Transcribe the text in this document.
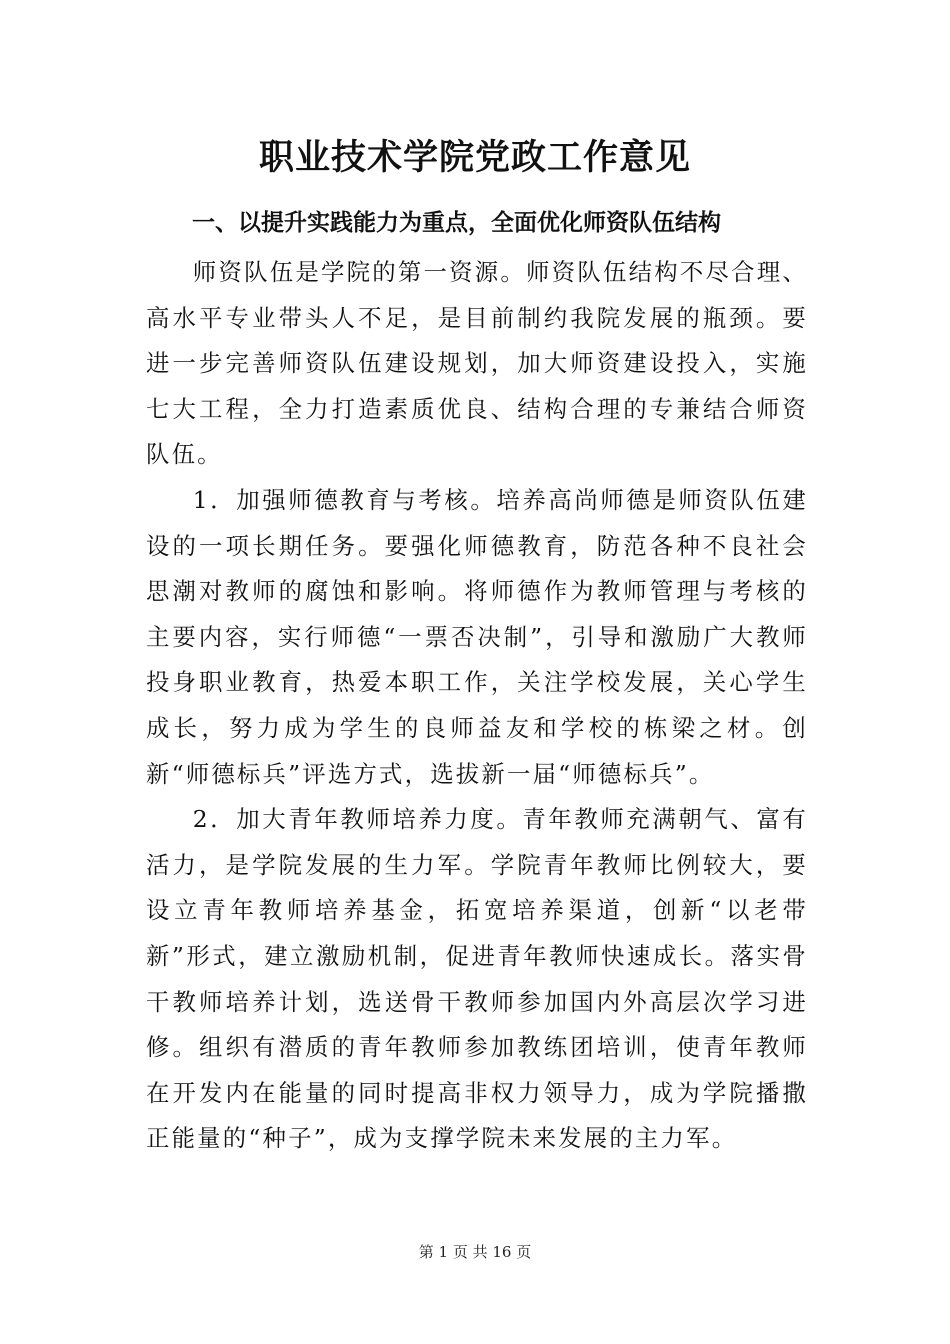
职业技术学院党政工作意见
一、以提升实践能力为重点，全面优化师资队伍结构

师资队伍是学院的第一资源。师资队伍结构不尽合理、高水平专业带头人不足，是目前制约我院发展的瓶颈。要进一步完善师资队伍建设规划，加大师资建设投入，实施七大工程，全力打造素质优良、结构合理的专兼结合师资队伍。

1．加强师德教育与考核。培养高尚师德是师资队伍建设的一项长期任务。要强化师德教育，防范各种不良社会思潮对教师的腐蚀和影响。将师德作为教师管理与考核的主要内容，实行师德“一票否决制”，引导和激励广大教师投身职业教育，热爱本职工作，关注学校发展，关心学生成长，努力成为学生的良师益友和学校的栋梁之材。创新“师德标兵”评选方式，选拔新一届“师德标兵”。

2．加大青年教师培养力度。青年教师充满朝气、富有活力，是学院发展的生力军。学院青年教师比例较大，要设立青年教师培养基金，拓宽培养渠道，创新“以老带新”形式，建立激励机制，促进青年教师快速成长。落实骨干教师培养计划，选送骨干教师参加国内外高层次学习进修。组织有潜质的青年教师参加教练团培训，使青年教师在开发内在能量的同时提高非权力领导力，成为学院播撒正能量的“种子”，成为支撑学院未来发展的主力军。

第 1 页 共 16 页
